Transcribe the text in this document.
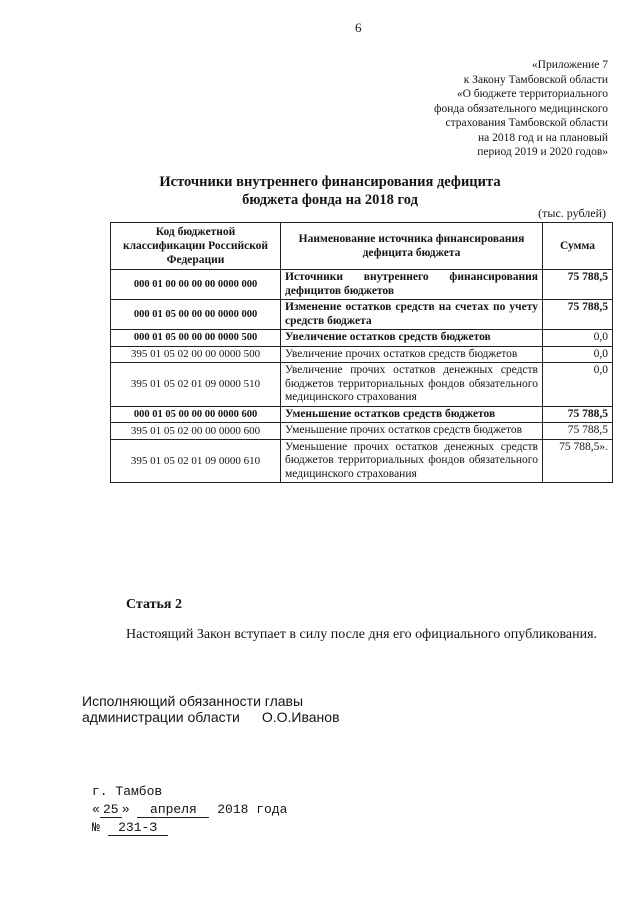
6
«Приложение 7
к Закону Тамбовской области
«О бюджете территориального
фонда обязательного медицинского
страхования Тамбовской области
на 2018 год и на плановый
период 2019 и 2020 годов»
Источники внутреннего финансирования дефицита
бюджета фонда на 2018 год
(тыс. рублей)
Код бюджетной классификации Российской Федерации	Наименование источника финансирования дефицита бюджета	Сумма
000 01 00 00 00 00 0000 000	Источники внутреннего финансирования дефицитов бюджетов	75 788,5
000 01 05 00 00 00 0000 000	Изменение остатков средств на счетах по учету средств бюджета	75 788,5
000 01 05 00 00 00 0000 500	Увеличение остатков средств бюджетов	0,0
395 01 05 02 00 00 0000 500	Увеличение прочих остатков средств бюджетов	0,0
395 01 05 02 01 09 0000 510	Увеличение прочих остатков денежных средств бюджетов территориальных фондов обязательного медицинского страхования	0,0
000 01 05 00 00 00 0000 600	Уменьшение остатков средств бюджетов	75 788,5
395 01 05 02 00 00 0000 600	Уменьшение прочих остатков средств бюджетов	75 788,5
395 01 05 02 01 09 0000 610	Уменьшение прочих остатков денежных средств бюджетов территориальных фондов обязательного медицинского страхования	75 788,5».
Статья 2
Настоящий Закон вступает в силу после дня его официального опубликования.
Исполняющий обязанности главы
администрации области О.О.Иванов
г. Тамбов
« 25 » апреля 2018 года
№ 231-З
